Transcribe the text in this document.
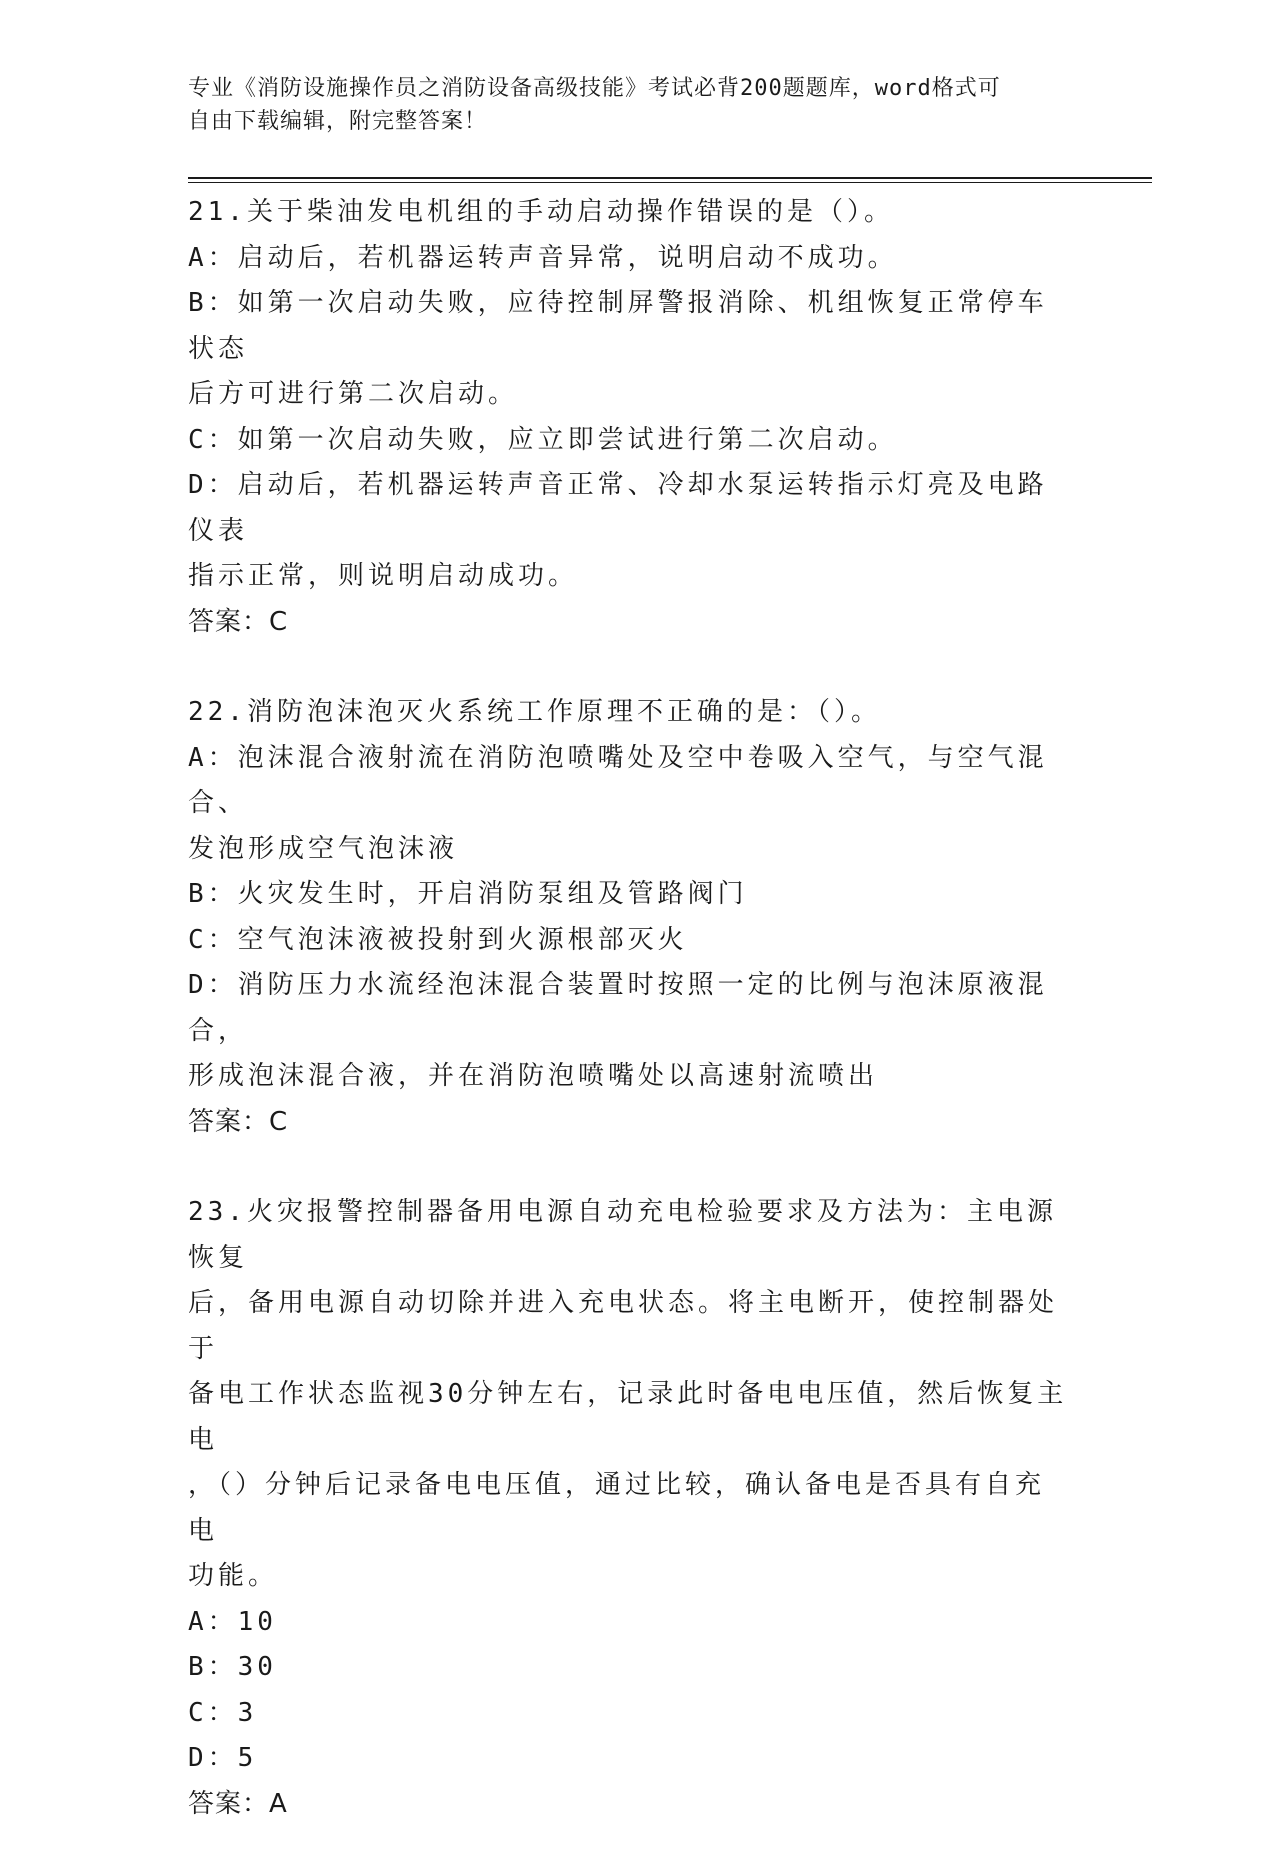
专业《消防设施操作员之消防设备高级技能》考试必背200题题库，word格式可
自由下载编辑，附完整答案！

21.关于柴油发电机组的手动启动操作错误的是（）。

A：启动后，若机器运转声音异常，说明启动不成功。

B：如第一次启动失败，应待控制屏警报消除、机组恢复正常停车状态

后方可进行第二次启动。

C：如第一次启动失败，应立即尝试进行第二次启动。

D：启动后，若机器运转声音正常、冷却水泵运转指示灯亮及电路仪表

指示正常，则说明启动成功。

答案：C

22.消防泡沫泡灭火系统工作原理不正确的是：（）。

A：泡沫混合液射流在消防泡喷嘴处及空中卷吸入空气，与空气混合、

发泡形成空气泡沫液

B：火灾发生时，开启消防泵组及管路阀门

C：空气泡沫液被投射到火源根部灭火

D：消防压力水流经泡沫混合装置时按照一定的比例与泡沫原液混合，

形成泡沫混合液，并在消防泡喷嘴处以高速射流喷出

答案：C

23.火灾报警控制器备用电源自动充电检验要求及方法为：主电源恢复

后，备用电源自动切除并进入充电状态。将主电断开，使控制器处于

备电工作状态监视30分钟左右，记录此时备电电压值，然后恢复主电

，（）分钟后记录备电电压值，通过比较，确认备电是否具有自充电

功能。

A：10

B：30

C：3

D：5

答案：A
